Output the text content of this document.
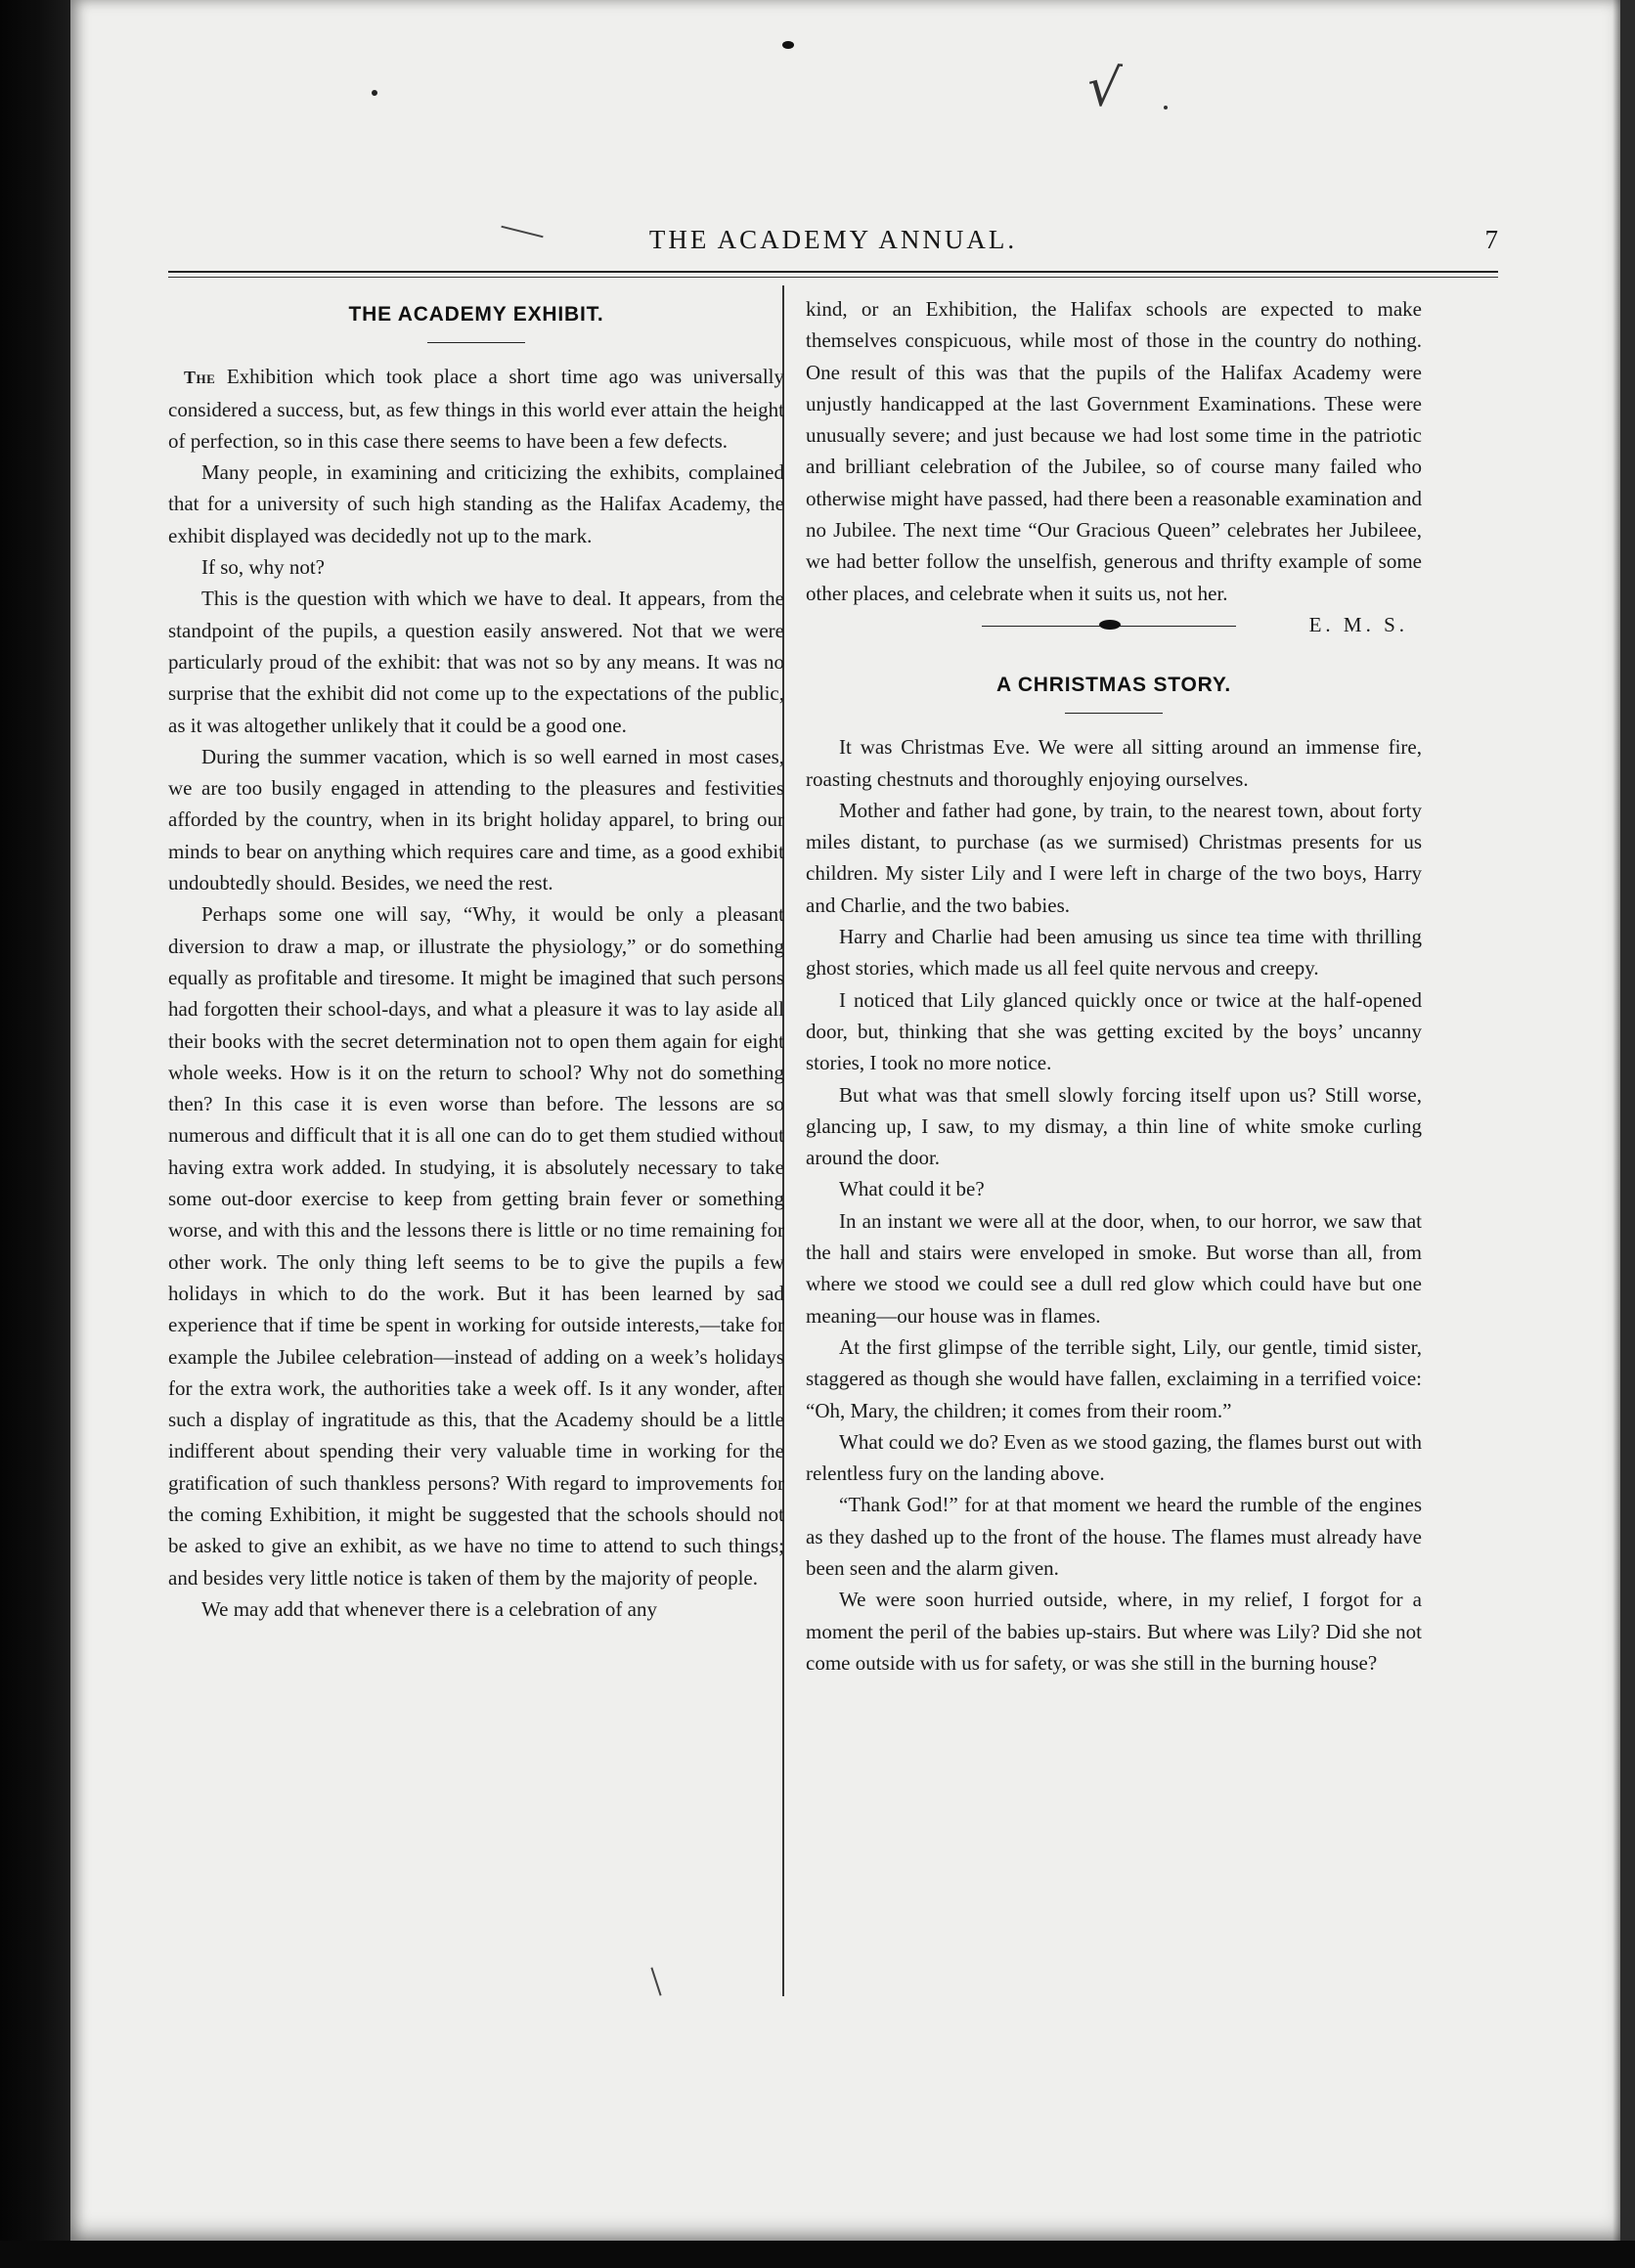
√
THE ACADEMY ANNUAL.	7
THE ACADEMY EXHIBIT.

The Exhibition which took place a short time ago was universally considered a success, but, as few things in this world ever attain the height of perfection, so in this case there seems to have been a few defects.

Many people, in examining and criticizing the exhibits, complained that for a university of such high standing as the Halifax Academy, the exhibit displayed was decidedly not up to the mark.

If so, why not?

This is the question with which we have to deal. It appears, from the standpoint of the pupils, a question easily answered. Not that we were particularly proud of the exhibit: that was not so by any means. It was no surprise that the exhibit did not come up to the expectations of the public, as it was altogether unlikely that it could be a good one.

During the summer vacation, which is so well earned in most cases, we are too busily engaged in attending to the pleasures and festivities afforded by the country, when in its bright holiday apparel, to bring our minds to bear on anything which requires care and time, as a good exhibit undoubtedly should. Besides, we need the rest.

Perhaps some one will say, “Why, it would be only a pleasant diversion to draw a map, or illustrate the physiology,” or do something equally as profitable and tiresome. It might be imagined that such persons had forgotten their school-days, and what a pleasure it was to lay aside all their books with the secret determination not to open them again for eight whole weeks. How is it on the return to school? Why not do something then? In this case it is even worse than before. The lessons are so numerous and difficult that it is all one can do to get them studied without having extra work added. In studying, it is absolutely necessary to take some out-door exercise to keep from getting brain fever or something worse, and with this and the lessons there is little or no time remaining for other work. The only thing left seems to be to give the pupils a few holidays in which to do the work. But it has been learned by sad experience that if time be spent in working for outside interests,—take for example the Jubilee celebration—instead of adding on a week’s holidays for the extra work, the authorities take a week off. Is it any wonder, after such a display of ingratitude as this, that the Academy should be a little indifferent about spending their very valuable time in working for the gratification of such thankless persons? With regard to improvements for the coming Exhibition, it might be suggested that the schools should not be asked to give an exhibit, as we have no time to attend to such things; and besides very little notice is taken of them by the majority of people.

We may add that whenever there is a celebration of any

kind, or an Exhibition, the Halifax schools are expected to make themselves conspicuous, while most of those in the country do nothing. One result of this was that the pupils of the Halifax Academy were unjustly handicapped at the last Government Examinations. These were unusually severe; and just because we had lost some time in the patriotic and brilliant celebration of the Jubilee, so of course many failed who otherwise might have passed, had there been a reasonable examination and no Jubilee. The next time “Our Gracious Queen” celebrates her Jubileee, we had better follow the unselfish, generous and thrifty example of some other places, and celebrate when it suits us, not her.

E. M. S.
A CHRISTMAS STORY.

It was Christmas Eve. We were all sitting around an immense fire, roasting chestnuts and thoroughly enjoying ourselves.

Mother and father had gone, by train, to the nearest town, about forty miles distant, to purchase (as we surmised) Christmas presents for us children. My sister Lily and I were left in charge of the two boys, Harry and Charlie, and the two babies.

Harry and Charlie had been amusing us since tea time with thrilling ghost stories, which made us all feel quite nervous and creepy.

I noticed that Lily glanced quickly once or twice at the half-opened door, but, thinking that she was getting excited by the boys’ uncanny stories, I took no more notice.

But what was that smell slowly forcing itself upon us? Still worse, glancing up, I saw, to my dismay, a thin line of white smoke curling around the door.

What could it be?

In an instant we were all at the door, when, to our horror, we saw that the hall and stairs were enveloped in smoke. But worse than all, from where we stood we could see a dull red glow which could have but one meaning—our house was in flames.

At the first glimpse of the terrible sight, Lily, our gentle, timid sister, staggered as though she would have fallen, exclaiming in a terrified voice: “Oh, Mary, the children; it comes from their room.”

What could we do? Even as we stood gazing, the flames burst out with relentless fury on the landing above.

“Thank God!” for at that moment we heard the rumble of the engines as they dashed up to the front of the house. The flames must already have been seen and the alarm given.

We were soon hurried outside, where, in my relief, I forgot for a moment the peril of the babies up-stairs. But where was Lily? Did she not come outside with us for safety, or was she still in the burning house?
